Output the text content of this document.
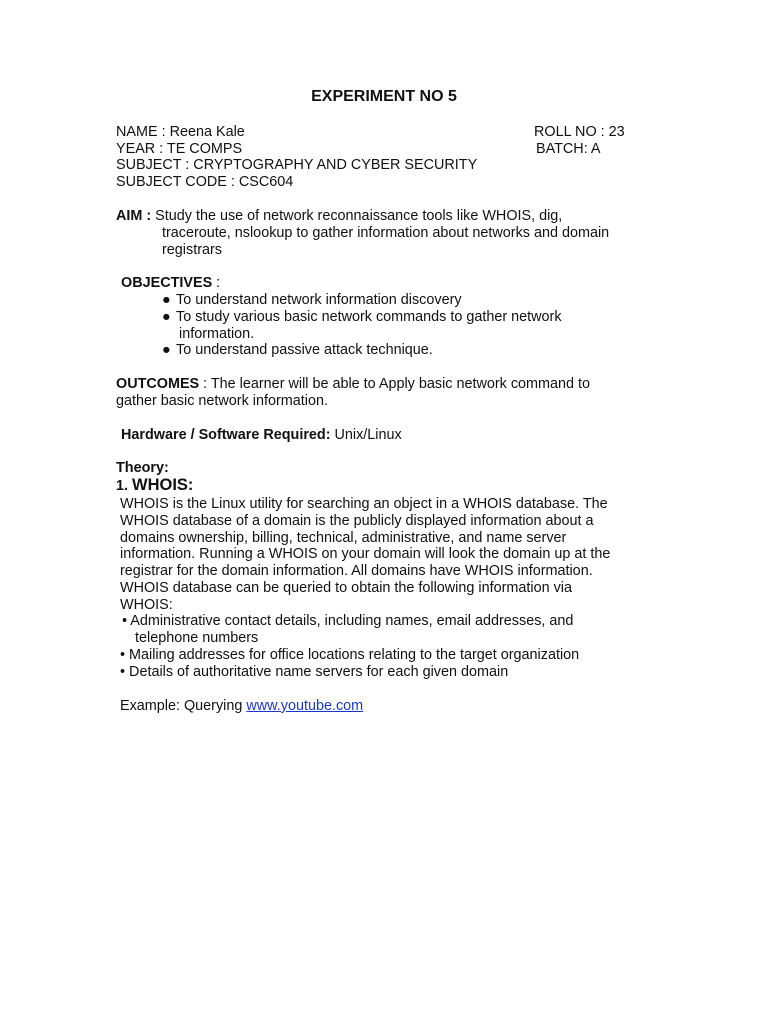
EXPERIMENT NO 5
NAME : Reena Kale	ROLL NO : 23
YEAR : TE COMPS	BATCH: A
SUBJECT : CRYPTOGRAPHY AND CYBER SECURITY
SUBJECT CODE : CSC604
AIM : Study the use of network reconnaissance tools like WHOIS, dig,
traceroute, nslookup to gather information about networks and domain
registrars
OBJECTIVES :
● To understand network information discovery
● To study various basic network commands to gather network
information.
● To understand passive attack technique.
OUTCOMES : The learner will be able to Apply basic network command to
gather basic network information.
Hardware / Software Required: Unix/Linux
Theory:
1. WHOIS:
WHOIS is the Linux utility for searching an object in a WHOIS database. The
WHOIS database of a domain is the publicly displayed information about a
domains ownership, billing, technical, administrative, and name server
information. Running a WHOIS on your domain will look the domain up at the
registrar for the domain information. All domains have WHOIS information.
WHOIS database can be queried to obtain the following information via
WHOIS:
• Administrative contact details, including names, email addresses, and
telephone numbers
• Mailing addresses for office locations relating to the target organization
• Details of authoritative name servers for each given domain
Example: Querying www.youtube.com
